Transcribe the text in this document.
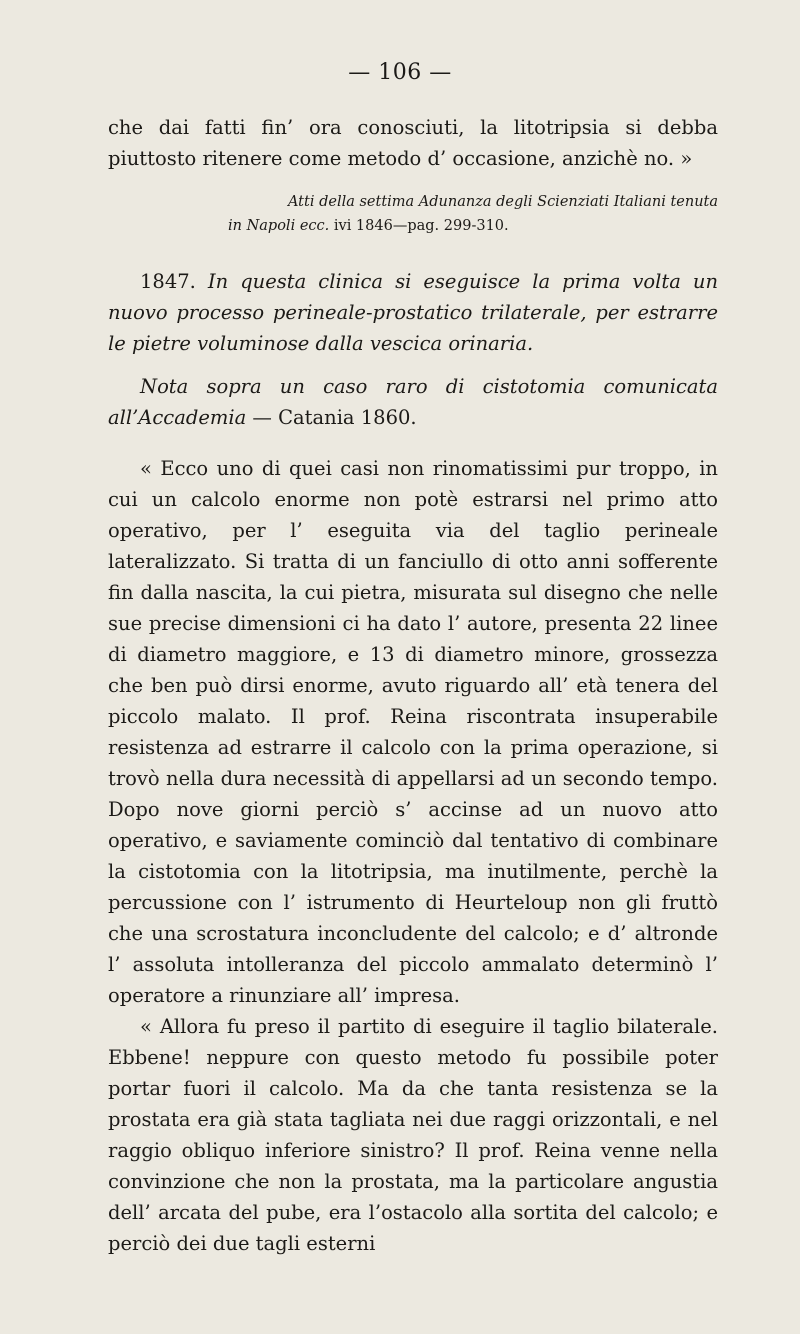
— 106 —

che dai fatti fin’ ora conosciuti, la litotripsia si debba piuttosto ritenere come metodo d’ occasione, anzichè no. »

Atti della settima Adunanza degli Scienziati Italiani tenuta
in Napoli ecc. ivi 1846—pag. 299-310.

1847. In questa clinica si eseguisce la prima volta un nuovo processo perineale-prostatico trilaterale, per estrarre le pietre voluminose dalla vescica orinaria.

Nota sopra un caso raro di cistotomia comunicata all’Accademia — Catania 1860.

« Ecco uno di quei casi non rinomatissimi pur troppo, in cui un calcolo enorme non potè estrarsi nel primo atto operativo, per l’ eseguita via del taglio perineale lateralizzato. Si tratta di un fanciullo di otto anni sofferente fin dalla nascita, la cui pietra, misurata sul disegno che nelle sue precise dimensioni ci ha dato l’ autore, presenta 22 linee di diametro maggiore, e 13 di diametro minore, grossezza che ben può dirsi enorme, avuto riguardo all’ età tenera del piccolo malato. Il prof. Reina riscontrata insuperabile resistenza ad estrarre il calcolo con la prima operazione, si trovò nella dura necessità di appellarsi ad un secondo tempo. Dopo nove giorni perciò s’ accinse ad un nuovo atto operativo, e saviamente cominciò dal tentativo di combinare la cistotomia con la litotripsia, ma inutilmente, perchè la percussione con l’ istrumento di Heurteloup non gli fruttò che una scrostatura inconcludente del calcolo; e d’ altronde l’ assoluta intolleranza del piccolo ammalato determinò l’ operatore a rinunziare all’ impresa.

« Allora fu preso il partito di eseguire il taglio bilaterale. Ebbene! neppure con questo metodo fu possibile poter portar fuori il calcolo. Ma da che tanta resistenza se la prostata era già stata tagliata nei due raggi orizzontali, e nel raggio obliquo inferiore sinistro? Il prof. Reina venne nella convinzione che non la prostata, ma la particolare angustia dell’ arcata del pube, era l’ostacolo alla sortita del calcolo; e perciò dei due tagli esterni
